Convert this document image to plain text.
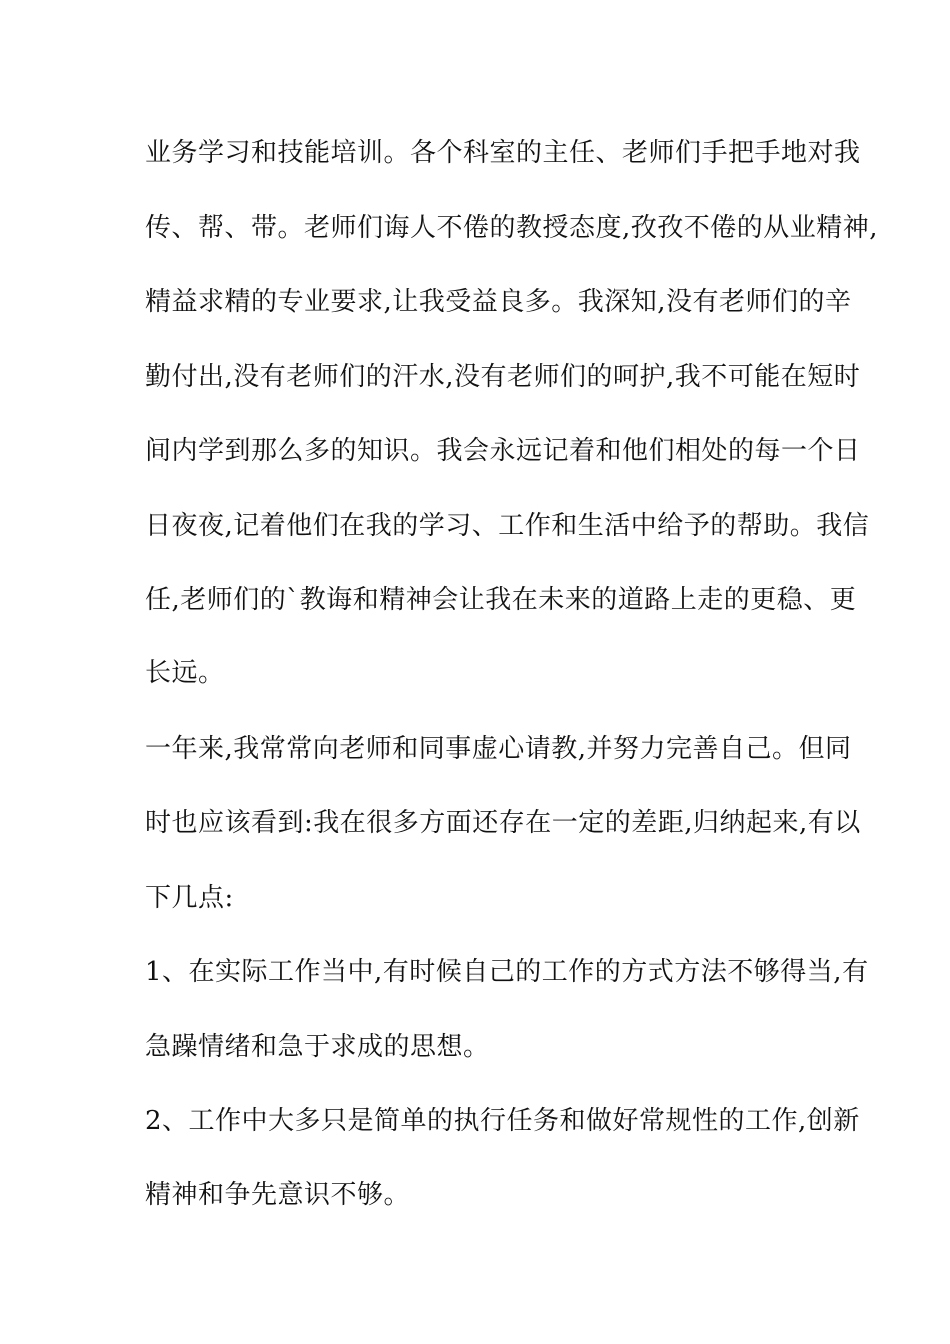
业务学习和技能培训。各个科室的主任、老师们手把手地对我
传、帮、带。老师们诲人不倦的教授态度,孜孜不倦的从业精神,
精益求精的专业要求,让我受益良多。我深知,没有老师们的辛
勤付出,没有老师们的汗水,没有老师们的呵护,我不可能在短时
间内学到那么多的知识。我会永远记着和他们相处的每一个日
日夜夜,记着他们在我的学习、工作和生活中给予的帮助。我信
任,老师们的`教诲和精神会让我在未来的道路上走的更稳、更
长远。
一年来,我常常向老师和同事虚心请教,并努力完善自己。但同
时也应该看到:我在很多方面还存在一定的差距,归纳起来,有以
下几点:
1、在实际工作当中,有时候自己的工作的方式方法不够得当,有
急躁情绪和急于求成的思想。
2、工作中大多只是简单的执行任务和做好常规性的工作,创新
精神和争先意识不够。
